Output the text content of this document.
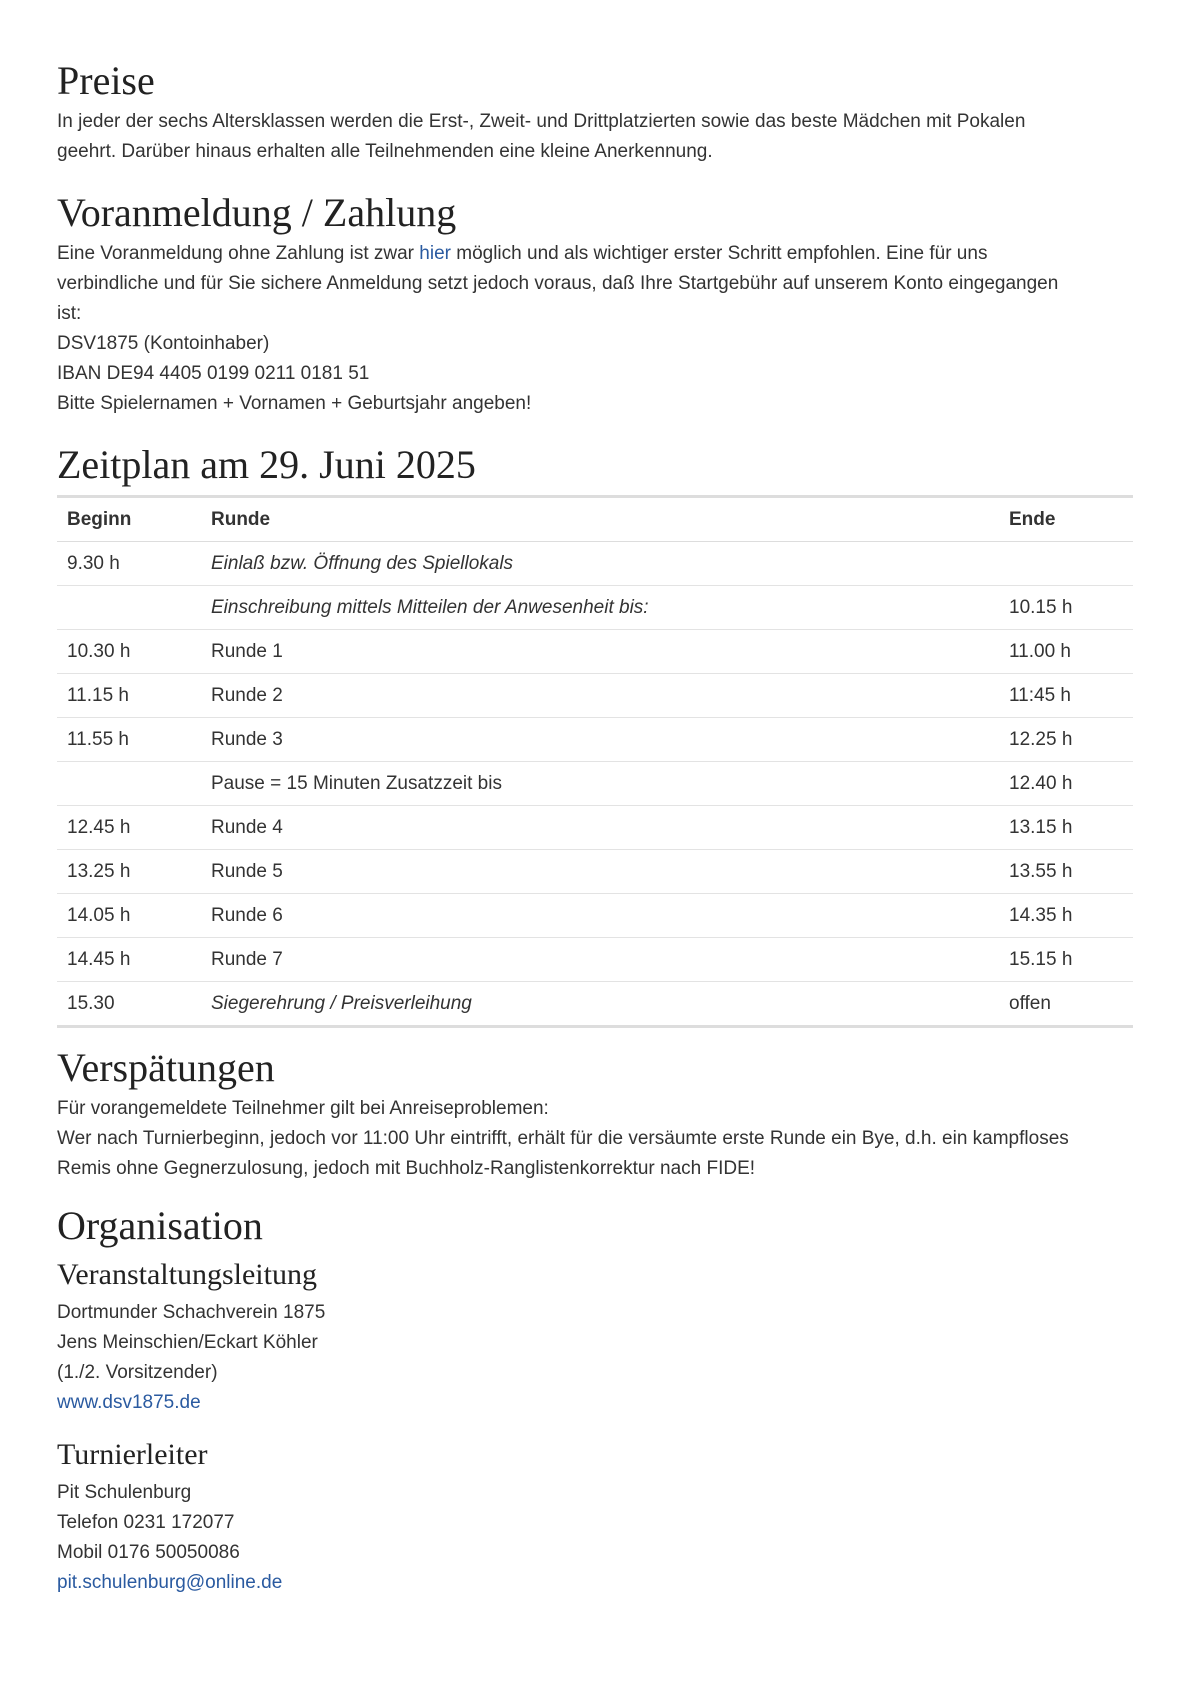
Preise

In jeder der sechs Altersklassen werden die Erst-, Zweit- und Drittplatzierten sowie das beste Mädchen mit Pokalen
geehrt. Darüber hinaus erhalten alle Teilnehmenden eine kleine Anerkennung.

Voranmeldung / Zahlung

Eine Voranmeldung ohne Zahlung ist zwar hier möglich und als wichtiger erster Schritt empfohlen. Eine für uns
verbindliche und für Sie sichere Anmeldung setzt jedoch voraus, daß Ihre Startgebühr auf unserem Konto eingegangen
ist:
DSV1875 (Kontoinhaber)
IBAN DE94 4405 0199 0211 0181 51
Bitte Spielernamen + Vornamen + Geburtsjahr angeben!

Zeitplan am 29. Juni 2025
Beginn	Runde	Ende
9.30 h	Einlaß bzw. Öffnung des Spiellokals	
	Einschreibung mittels Mitteilen der Anwesenheit bis:	10.15 h
10.30 h	Runde 1	11.00 h
11.15 h	Runde 2	11:45 h
11.55 h	Runde 3	12.25 h
	Pause = 15 Minuten Zusatzzeit bis	12.40 h
12.45 h	Runde 4	13.15 h
13.25 h	Runde 5	13.55 h
14.05 h	Runde 6	14.35 h
14.45 h	Runde 7	15.15 h
15.30	Siegerehrung / Preisverleihung	offen
Verspätungen

Für vorangemeldete Teilnehmer gilt bei Anreiseproblemen:
Wer nach Turnierbeginn, jedoch vor 11:00 Uhr eintrifft, erhält für die versäumte erste Runde ein Bye, d.h. ein kampfloses
Remis ohne Gegnerzulosung, jedoch mit Buchholz-Ranglistenkorrektur nach FIDE!

Organisation
Veranstaltungsleitung

Dortmunder Schachverein 1875
Jens Meinschien/Eckart Köhler
(1./2. Vorsitzender)
www.dsv1875.de

Turnierleiter

Pit Schulenburg
Telefon 0231 172077
Mobil 0176 50050086
pit.schulenburg@online.de
